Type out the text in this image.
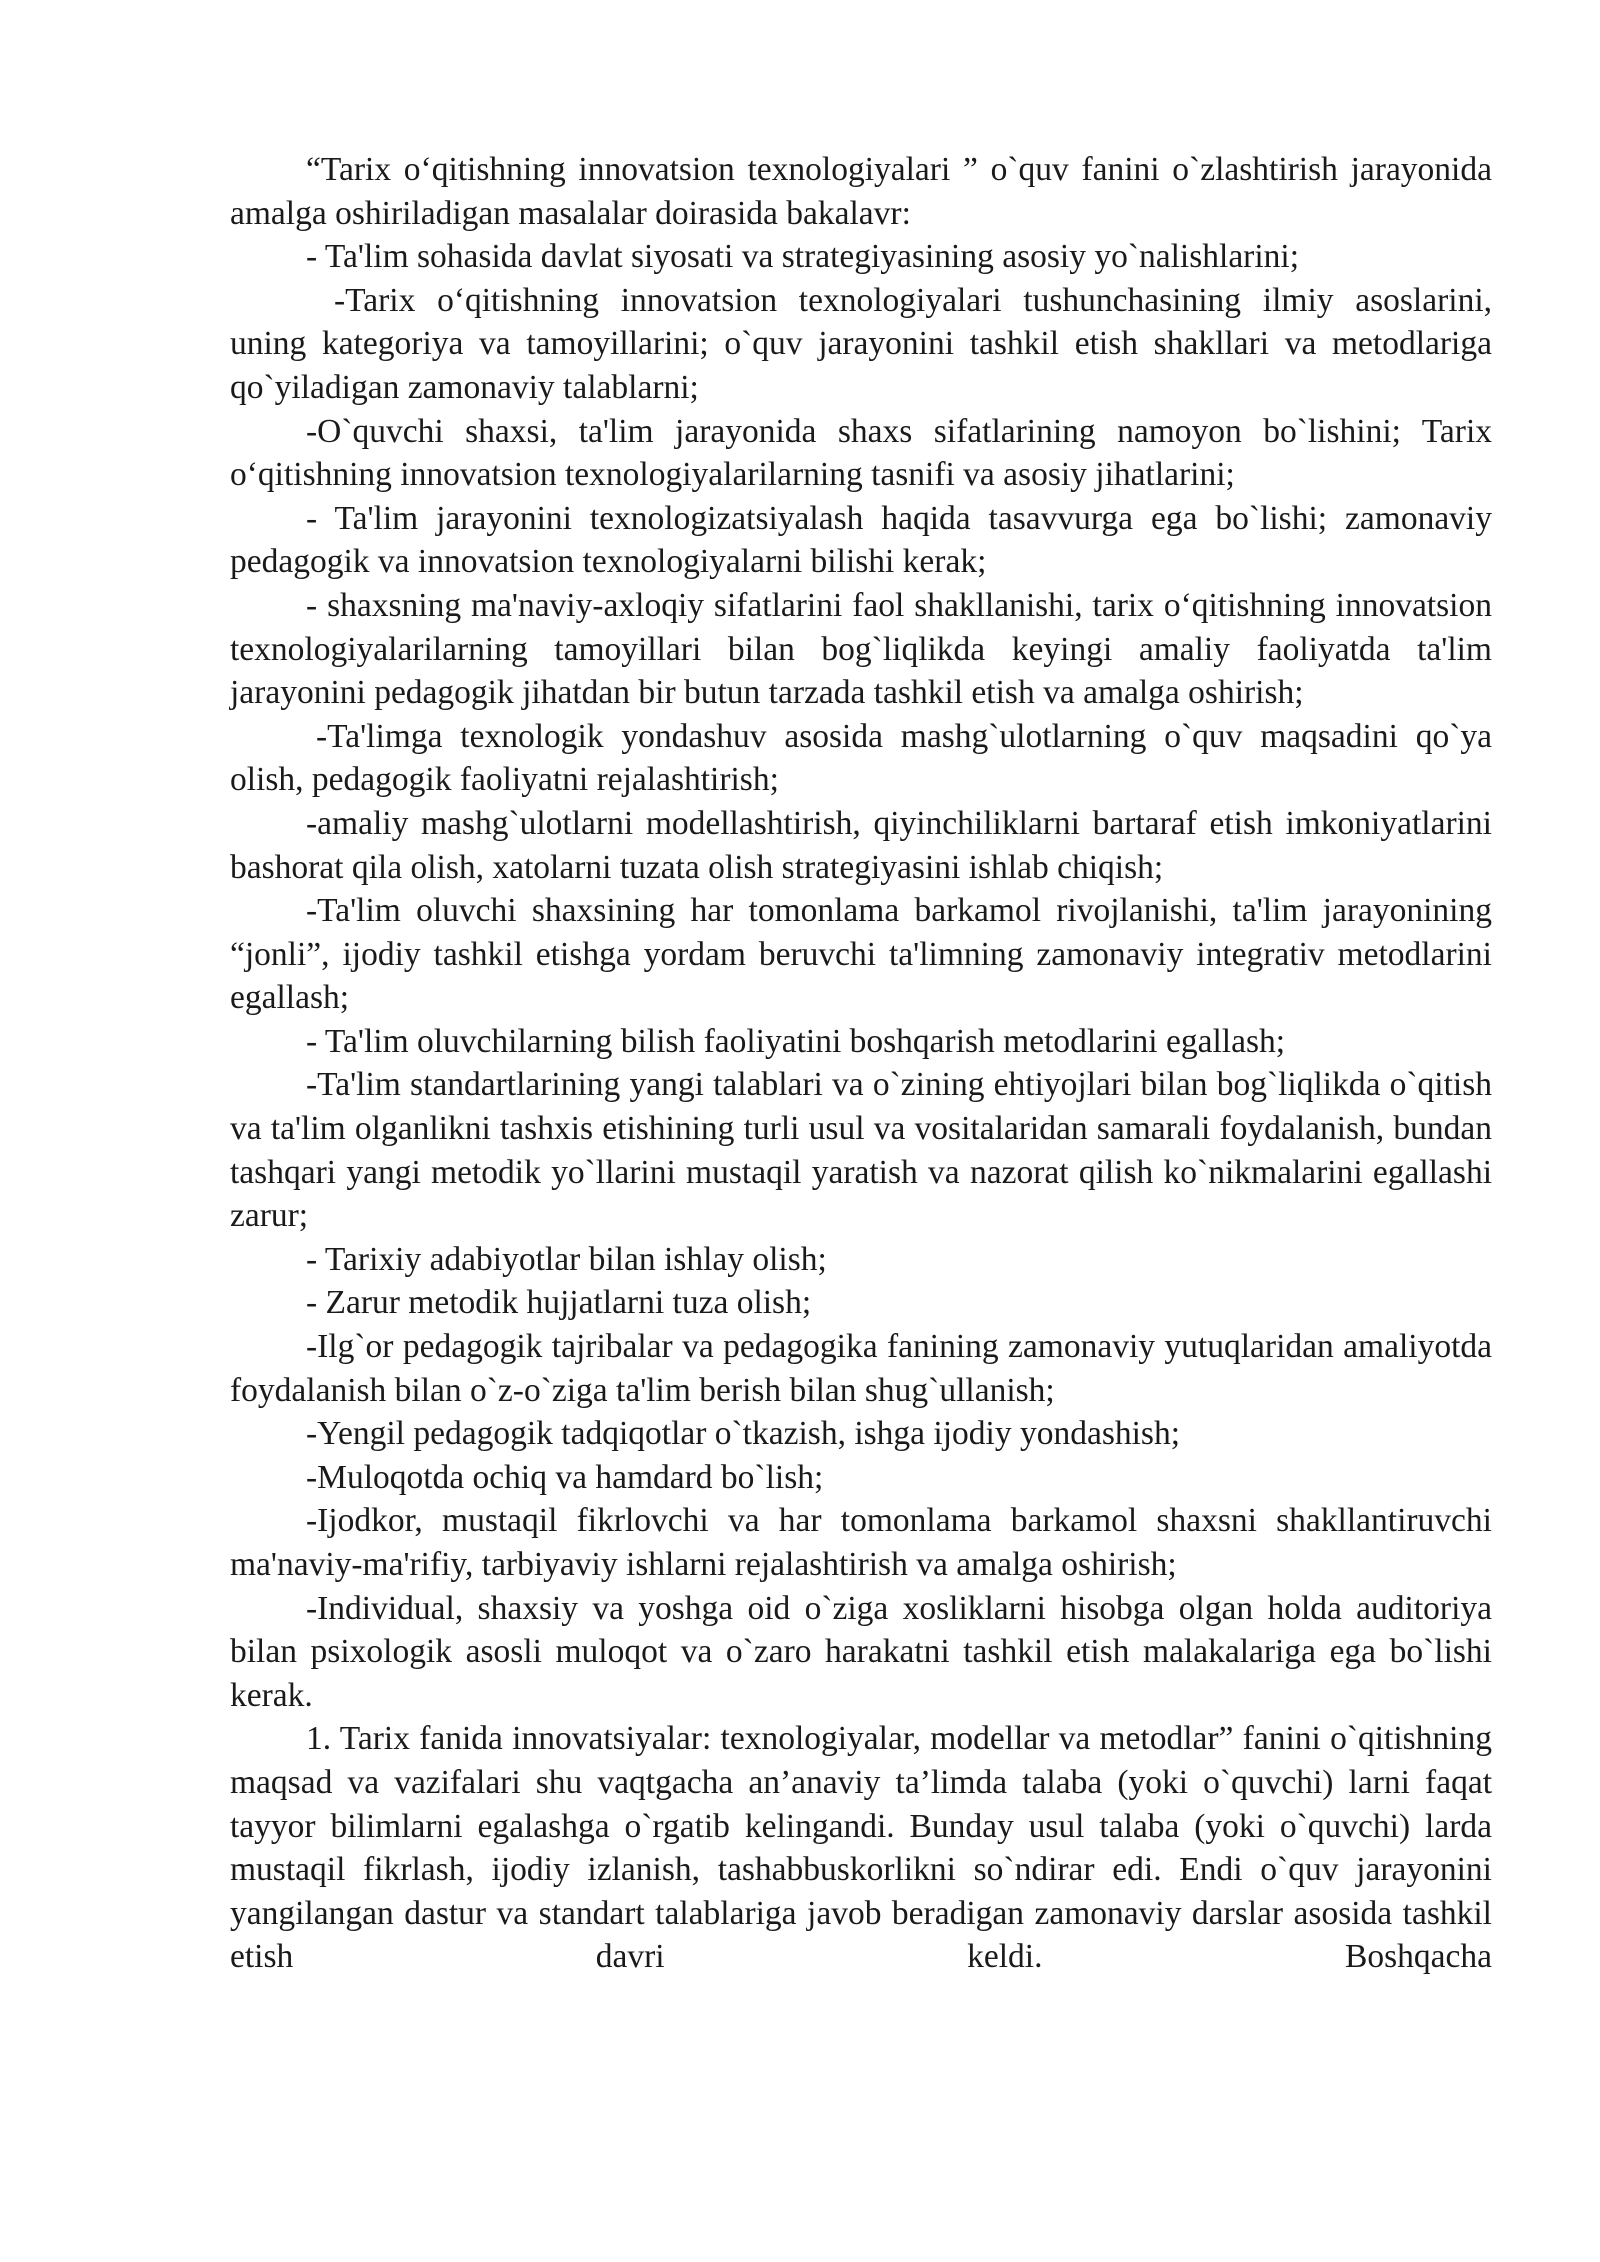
“Tarix o‘qitishning innovatsion texnologiyalari ” o`quv fanini o`zlashtirish jarayonida amalga oshiriladigan masalalar doirasida bakalavr:

- Ta'lim sohasida davlat siyosati va strategiyasining asosiy yo`nalishlarini;

-Tarix o‘qitishning innovatsion texnologiyalari tushunchasining ilmiy asoslarini, uning kategoriya va tamoyillarini; o`quv jarayonini tashkil etish shakllari va metodlariga qo`yiladigan zamonaviy talablarni;

-O`quvchi shaxsi, ta'lim jarayonida shaxs sifatlarining namoyon bo`lishini; Tarix o‘qitishning innovatsion texnologiyalarilarning tasnifi va asosiy jihatlarini;

- Ta'lim jarayonini texnologizatsiyalash haqida tasavvurga ega bo`lishi; zamonaviy pedagogik va innovatsion texnologiyalarni bilishi kerak;

- shaxsning ma'naviy-axloqiy sifatlarini faol shakllanishi, tarix o‘qitishning innovatsion texnologiyalarilarning tamoyillari bilan bog`liqlikda keyingi amaliy faoliyatda ta'lim jarayonini pedagogik jihatdan bir butun tarzada tashkil etish va amalga oshirish;

-Ta'limga texnologik yondashuv asosida mashg`ulotlarning o`quv maqsadini qo`ya olish, pedagogik faoliyatni rejalashtirish;

-amaliy mashg`ulotlarni modellashtirish, qiyinchiliklarni bartaraf etish imkoniyatlarini bashorat qila olish, xatolarni tuzata olish strategiyasini ishlab chiqish;

-Ta'lim oluvchi shaxsining har tomonlama barkamol rivojlanishi, ta'lim jarayonining “jonli”, ijodiy tashkil etishga yordam beruvchi ta'limning zamonaviy integrativ metodlarini egallash;

- Ta'lim oluvchilarning bilish faoliyatini boshqarish metodlarini egallash;

-Ta'lim standartlarining yangi talablari va o`zining ehtiyojlari bilan bog`liqlikda o`qitish va ta'lim olganlikni tashxis etishining turli usul va vositalaridan samarali foydalanish, bundan tashqari yangi metodik yo`llarini mustaqil yaratish va nazorat qilish ko`nikmalarini egallashi zarur;

- Tarixiy adabiyotlar bilan ishlay olish;

- Zarur metodik hujjatlarni tuza olish;

-Ilg`or pedagogik tajribalar va pedagogika fanining zamonaviy yutuqlaridan amaliyotda foydalanish bilan o`z-o`ziga ta'lim berish bilan shug`ullanish;

-Yengil pedagogik tadqiqotlar o`tkazish, ishga ijodiy yondashish;

-Muloqotda ochiq va hamdard bo`lish;

-Ijodkor, mustaqil fikrlovchi va har tomonlama barkamol shaxsni shakllantiruvchi ma'naviy-ma'rifiy, tarbiyaviy ishlarni rejalashtirish va amalga oshirish;

-Individual, shaxsiy va yoshga oid o`ziga xosliklarni hisobga olgan holda auditoriya bilan psixologik asosli muloqot va o`zaro harakatni tashkil etish malakalariga ega bo`lishi kerak.

1. Tarix fanida innovatsiyalar: texnologiyalar, modellar va metodlar” fanini o`qitishning maqsad va vazifalari shu vaqtgacha an’anaviy ta’limda talaba (yoki o`quvchi) larni faqat tayyor bilimlarni egalashga o`rgatib kelingandi. Bunday usul talaba (yoki o`quvchi) larda mustaqil fikrlash, ijodiy izlanish, tashabbuskorlikni so`ndirar edi. Endi o`quv jarayonini yangilangan dastur va standart talablariga javob beradigan zamonaviy darslar asosida tashkil etish davri keldi. Boshqacha
